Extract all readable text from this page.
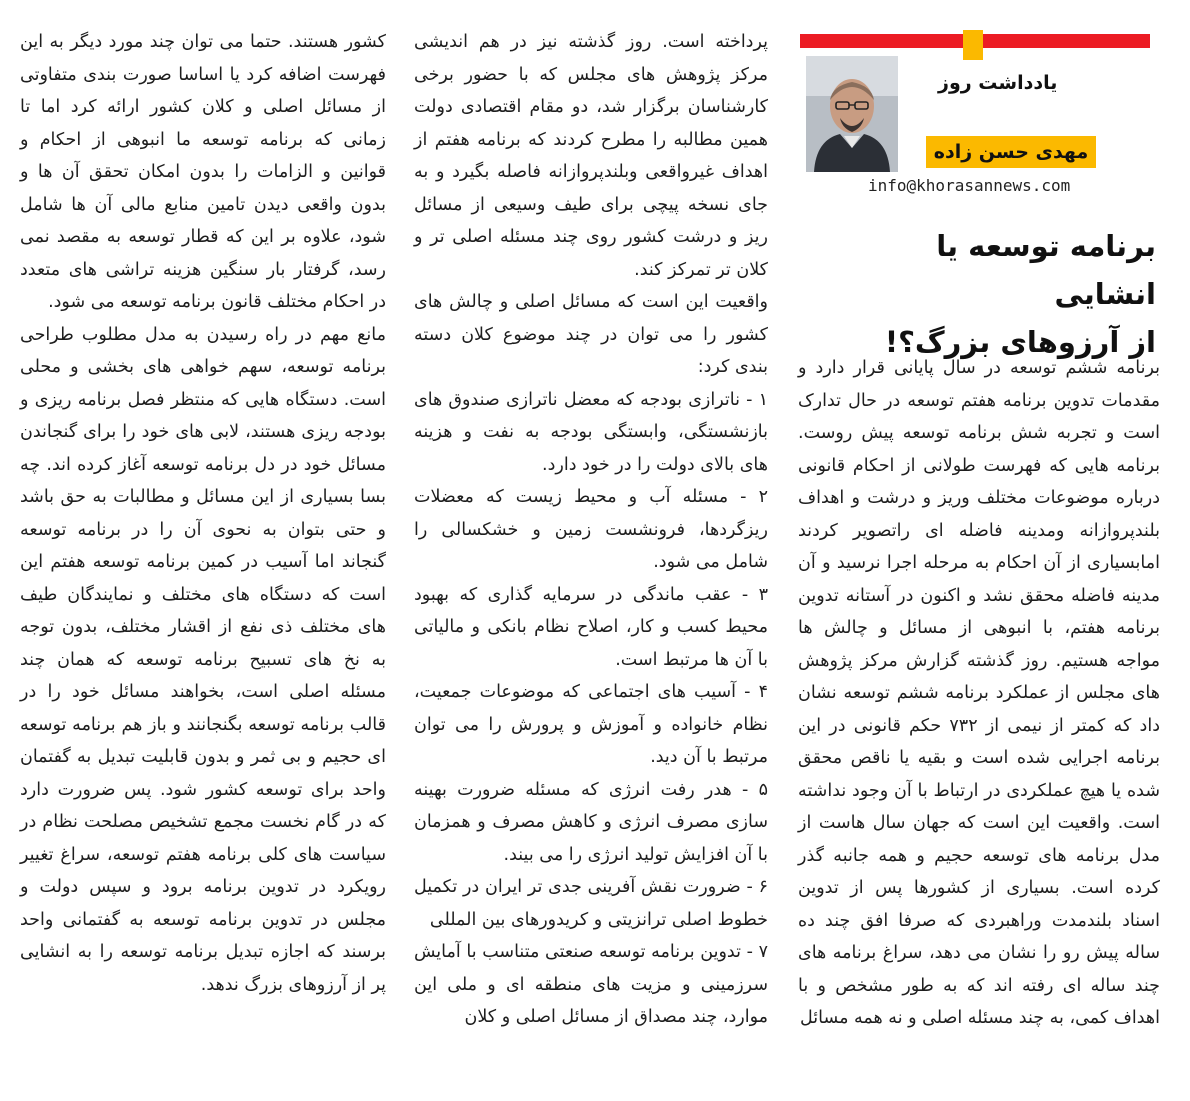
یادداشت روز
مهدی حسن زاده
info@khorasannews.com
برنامه توسعه یا انشایی
از آرزوهای بزرگ؟!

برنامه ششم توسعه در سال پایانی قرار دارد و مقدمات تدوین برنامه هفتم توسعه در حال تدارک است و تجربه شش برنامه توسعه پیش روست. برنامه هایی که فهرست طولانی از احکام قانونی درباره موضوعات مختلف وریز و درشت و اهداف بلندپروازانه ومدینه فاضله ای راتصویر کردند امابسیاری از آن احکام به مرحله اجرا نرسید و آن مدینه فاضله محقق نشد و اکنون در آستانه تدوین برنامه هفتم، با انبوهی از مسائل و چالش ها مواجه هستیم. روز گذشته گزارش مرکز پژوهش های مجلس از عملکرد برنامه ششم توسعه نشان داد که کمتر از نیمی از ۷۳۲ حکم قانونی در این برنامه اجرایی شده است و بقیه یا ناقص محقق شده یا هیچ عملکردی در ارتباط با آن وجود نداشته است. واقعیت این است که جهان سال هاست از مدل برنامه های توسعه حجیم و همه جانبه گذر کرده است. بسیاری از کشورها پس از تدوین اسناد بلندمدت وراهبردی که صرفا افق چند ده ساله پیش رو را نشان می دهد، سراغ برنامه های چند ساله ای رفته اند که به طور مشخص و با اهداف کمی، به چند مسئله اصلی و نه همه مسائل

پرداخته است. روز گذشته نیز در هم اندیشی مرکز پژوهش های مجلس که با حضور برخی کارشناسان برگزار شد، دو مقام اقتصادی دولت همین مطالبه را مطرح کردند که برنامه هفتم از اهداف غیرواقعی وبلندپروازانه فاصله بگیرد و به جای نسخه پیچی برای طیف وسیعی از مسائل ریز و درشت کشور روی چند مسئله اصلی تر و کلان تر تمرکز کند.

واقعیت این است که مسائل اصلی و چالش های کشور را می توان در چند موضوع کلان دسته بندی کرد:

۱ - ناترازی بودجه که معضل ناترازی صندوق های بازنشستگی، وابستگی بودجه به نفت و هزینه های بالای دولت را در خود دارد.

۲ - مسئله آب و محیط زیست که معضلات ریزگردها، فرونشست زمین و خشکسالی را شامل می شود.

۳ - عقب ماندگی در سرمایه گذاری که بهبود محیط کسب و کار، اصلاح نظام بانکی و مالیاتی با آن ها مرتبط است.

۴ - آسیب های اجتماعی که موضوعات جمعیت، نظام خانواده و آموزش و پرورش را می توان مرتبط با آن دید.

۵ - هدر رفت انرژی که مسئله ضرورت بهینه سازی مصرف انرژی و کاهش مصرف و همزمان با آن افزایش تولید انرژی را می بیند.

۶ - ضرورت نقش آفرینی جدی تر ایران در تکمیل خطوط اصلی ترانزیتی و کریدورهای بین المللی

۷ - تدوین برنامه توسعه صنعتی متناسب با آمایش سرزمینی و مزیت های منطقه ای و ملی این موارد، چند مصداق از مسائل اصلی و کلان

کشور هستند. حتما می توان چند مورد دیگر به این فهرست اضافه کرد یا اساسا صورت بندی متفاوتی از مسائل اصلی و کلان کشور ارائه کرد اما تا زمانی که برنامه توسعه ما انبوهی از احکام و قوانین و الزامات را بدون امکان تحقق آن ها و بدون واقعی دیدن تامین منابع مالی آن ها شامل شود، علاوه بر این که قطار توسعه به مقصد نمی رسد، گرفتار بار سنگین هزینه تراشی های متعدد در احکام مختلف قانون برنامه توسعه می شود.

مانع مهم در راه رسیدن به مدل مطلوب طراحی برنامه توسعه، سهم خواهی های بخشی و محلی است. دستگاه هایی که منتظر فصل برنامه ریزی و بودجه ریزی هستند، لابی های خود را برای گنجاندن مسائل خود در دل برنامه توسعه آغاز کرده اند. چه بسا بسیاری از این مسائل و مطالبات به حق باشد و حتی بتوان به نحوی آن را در برنامه توسعه گنجاند اما آسیب در کمین برنامه توسعه هفتم این است که دستگاه های مختلف و نمایندگان طیف های مختلف ذی نفع از اقشار مختلف، بدون توجه به نخ های تسبیح برنامه توسعه که همان چند مسئله اصلی است، بخواهند مسائل خود را در قالب برنامه توسعه بگنجانند و باز هم برنامه توسعه ای حجیم و بی ثمر و بدون قابلیت تبدیل به گفتمان واحد برای توسعه کشور شود. پس ضرورت دارد که در گام نخست مجمع تشخیص مصلحت نظام در سیاست های کلی برنامه هفتم توسعه، سراغ تغییر رویکرد در تدوین برنامه برود و سپس دولت و مجلس در تدوین برنامه توسعه به گفتمانی واحد برسند که اجازه تبدیل برنامه توسعه را به انشایی پر از آرزوهای بزرگ ندهد.
